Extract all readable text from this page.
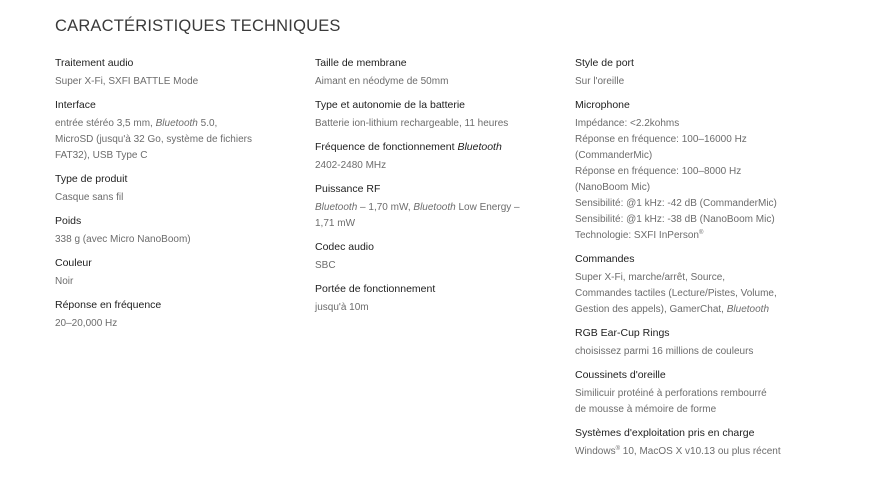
CARACTÉRISTIQUES TECHNIQUES
Traitement audio
Super X-Fi, SXFI BATTLE Mode
Interface
entrée stéréo 3,5 mm, Bluetooth 5.0,
MicroSD (jusqu'à 32 Go, système de fichiers
FAT32), USB Type C
Type de produit
Casque sans fil
Poids
338 g (avec Micro NanoBoom)
Couleur
Noir
Réponse en fréquence
20–20,000 Hz
Taille de membrane
Aimant en néodyme de 50mm
Type et autonomie de la batterie
Batterie ion-lithium rechargeable, 11 heures
Fréquence de fonctionnement Bluetooth
2402-2480 MHz
Puissance RF
Bluetooth – 1,70 mW, Bluetooth Low Energy –
1,71 mW
Codec audio
SBC
Portée de fonctionnement
jusqu'à 10m
Style de port
Sur l'oreille
Microphone
Impédance: <2.2kohms
Réponse en fréquence: 100–16000 Hz
(CommanderMic)
Réponse en fréquence: 100–8000 Hz
(NanoBoom Mic)
Sensibilité: @1 kHz: -42 dB (CommanderMic)
Sensibilité: @1 kHz: -38 dB (NanoBoom Mic)
Technologie: SXFI InPerson®
Commandes
Super X-Fi, marche/arrêt, Source,
Commandes tactiles (Lecture/Pistes, Volume,
Gestion des appels), GamerChat, Bluetooth
RGB Ear-Cup Rings
choisissez parmi 16 millions de couleurs
Coussinets d'oreille
Similicuir protéiné à perforations rembourré
de mousse à mémoire de forme
Systèmes d'exploitation pris en charge
Windows® 10, MacOS X v10.13 ou plus récent
